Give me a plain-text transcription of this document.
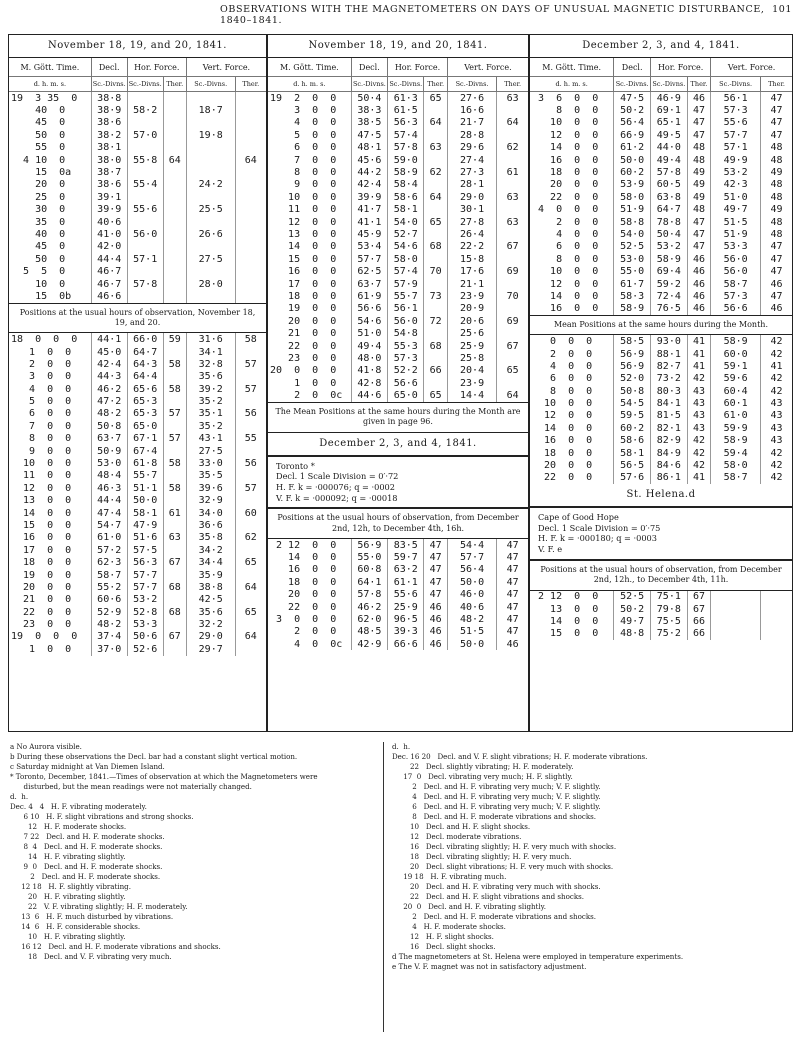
OBSERVATIONS WITH THE MAGNETOMETERS ON DAYS OF UNUSUAL MAGNETIC DISTURBANCE, 1840–1841.
101
November 18, 19, and 20, 1841.
M. Gött. Time.	Decl.	Hor. Force.		Vert. Force.	
d. h. m. s.	Sc.-Divns.	Sc.-Divns.	Ther.	Sc.-Divns.	Ther.
19  3 35  0	38·8				
40  0	38·9	58·2		18·7	
45  0	38·6				
50  0	38·2	57·0		19·8	
55  0	38·1				
4 10  0	38·0	55·8	64		64
15  0a	38·7				
20  0	38·6	55·4		24·2	
25  0	39·1				
30  0	39·9	55·6		25·5	
35  0	40·6				
40  0	41·0	56·0		26·6	
45  0	42·0				
50  0	44·4	57·1		27·5	
5  5  0	46·7				
10  0	46·7	57·8		28·0	
15  0b	46·6				
Positions at the usual hours of observation, November 18, 19, and 20.
18  0  0  0	44·1	66·0	59	31·6	58
1  0  0	45·0	64·7		34·1	
2  0  0	42·4	64·3	58	32·8	57
3  0  0	44·3	64·4		35·6	
4  0  0	46·2	65·6	58	39·2	57
5  0  0	47·2	65·3		35·2	
6  0  0	48·2	65·3	57	35·1	56
7  0  0	50·8	65·0		35·2	
8  0  0	63·7	67·1	57	43·1	55
9  0  0	50·9	67·4		27·5	
10  0  0	53·0	61·8	58	33·0	56
11  0  0	48·4	55·7		35·5	
12  0  0	46·3	51·1	58	39·6	57
13  0  0	44·4	50·0		32·9	
14  0  0	47·4	58·1	61	34·0	60
15  0  0	54·7	47·9		36·6	
16  0  0	61·0	51·6	63	35·8	62
17  0  0	57·2	57·5		34·2	
18  0  0	62·3	56·3	67	34·4	65
19  0  0	58·7	57·7		35·9	
20  0  0	55·2	57·7	68	38·8	64
21  0  0	60·6	53·2		42·5	
22  0  0	52·9	52·8	68	35·6	65
23  0  0	48·2	53·3		32·2	
19  0  0  0	37·4	50·6	67	29·0	64
1  0  0	37·0	52·6		29·7	
November 18, 19, and 20, 1841.
M. Gött. Time.	Decl.	Hor. Force.		Vert. Force.	
d. h. m. s.	Sc.-Divns.	Sc.-Divns.	Ther.	Sc.-Divns.	Ther.
19  2  0  0	50·4	61·3	65	27·6	63
3  0  0	38·3	61·5		16·6	
4  0  0	38·5	56·3	64	21·7	64
5  0  0	47·5	57·4		28·8	
6  0  0	48·1	57·8	63	29·6	62
7  0  0	45·6	59·0		27·4	
8  0  0	44·2	58·9	62	27·3	61
9  0  0	42·4	58·4		28·1	
10  0  0	39·9	58·6	64	29·0	63
11  0  0	41·7	58·1		30·1	
12  0  0	41·1	54·0	65	27·8	63
13  0  0	45·9	52·7		26·4	
14  0  0	53·4	54·6	68	22·2	67
15  0  0	57·7	58·0		15·8	
16  0  0	62·5	57·4	70	17·6	69
17  0  0	63·7	57·9		21·1	
18  0  0	61·9	55·7	73	23·9	70
19  0  0	56·6	56·1		20·9	
20  0  0	54·6	56·0	72	20·6	69
21  0  0	51·0	54·8		25·6	
22  0  0	49·4	55·3	68	25·9	67
23  0  0	48·0	57·3		25·8	
20  0  0  0	41·8	52·2	66	20·4	65
1  0  0	42·8	56·6		23·9	
2  0  0c	44·6	65·0	65	14·4	64
The Mean Positions at the same hours during the Month are given in page 96.
December 2, 3, and 4, 1841.
Toronto *
Decl. 1 Scale Division = 0′·72
H. F. k = ·000076; q = ·0002
V. F. k = ·000092; q = ·00018
Positions at the usual hours of observation, from December 2nd, 12h, to December 4th, 16h.
2 12  0  0	56·9	83·5	47	54·4	47
14  0  0	55·0	59·7	47	57·7	47
16  0  0	60·8	63·2	47	56·4	47
18  0  0	64·1	61·1	47	50·0	47
20  0  0	57·8	55·6	47	46·0	47
22  0  0	46·2	25·9	46	40·6	47
3  0  0  0	62·0	96·5	46	48·2	47
2  0  0	48·5	39·3	46	51·5	47
4  0  0c	42·9	66·6	46	50·0	46
December 2, 3, and 4, 1841.
M. Gött. Time.	Decl.	Hor. Force.		Vert. Force.	
d. h. m. s.	Sc.-Divns.	Sc.-Divns.	Ther.	Sc.-Divns.	Ther.
3  6  0  0	47·5	46·9	46	56·1	47
8  0  0	50·2	69·1	47	57·3	47
10  0  0	56·4	65·1	47	55·6	47
12  0  0	66·9	49·5	47	57·7	47
14  0  0	61·2	44·0	48	57·1	48
16  0  0	50·0	49·4	48	49·9	48
18  0  0	60·2	57·8	49	53·2	49
20  0  0	53·9	60·5	49	42·3	48
22  0  0	58·0	63·8	49	51·0	48
4  0  0  0	51·9	64·7	48	49·7	49
2  0  0	58·8	78·8	47	51·5	48
4  0  0	54·0	50·4	47	51·9	48
6  0  0	52·5	53·2	47	53·3	47
8  0  0	53·0	58·9	46	56·0	47
10  0  0	55·0	69·4	46	56·0	47
12  0  0	61·7	59·2	46	58·7	46
14  0  0	58·3	72·4	46	57·3	47
16  0  0	58·9	76·5	46	56·6	46
Mean Positions at the same hours during the Month.
0  0  0	58·5	93·0	41	58·9	42
2  0  0	56·9	88·1	41	60·0	42
4  0  0	56·9	82·7	41	59·1	41
6  0  0	52·0	73·2	42	59·6	42
8  0  0	50·8	80·3	43	60·4	42
10  0  0	54·5	84·1	43	60·1	43
12  0  0	59·5	81·5	43	61·0	43
14  0  0	60·2	82·1	43	59·9	43
16  0  0	58·6	82·9	42	58·9	43
18  0  0	58·1	84·9	42	59·4	42
20  0  0	56·5	84·6	42	58·0	42
22  0  0	57·6	86·1	41	58·7	42
St. Helena.d
Cape of Good Hope
Decl. 1 Scale Division = 0′·75
H. F. k = ·000180; q = ·0003
V. F. e
Positions at the usual hours of observation, from December 2nd, 12h., to December 4th, 11h.
2 12  0  0	52·5	75·1	67		
13  0  0	50·2	79·8	67		
14  0  0	49·7	75·5	66		
15  0  0	48·8	75·2	66		
a No Aurora visible.
b During these observations the Decl. bar had a constant slight vertical motion.
c Saturday midnight at Van Diemen Island.
* Toronto, December, 1841.—Times of observation at which the Magnetometers were
disturbed, but the mean readings were not materially changed.
d.  h.
Dec. 4   4   H. F. vibrating moderately.
6 10   H. F. slight vibrations and strong shocks.
12   H. F. moderate shocks.
7 22   Decl. and H. F. moderate shocks.
8  4   Decl. and H. F. moderate shocks.
14   H. F. vibrating slightly.
9  0   Decl. and H. F. moderate shocks.
2   Decl. and H. F. moderate shocks.
12 18   H. F. slightly vibrating.
20   H. F. vibrating slightly.
22   V. F. vibrating slightly; H. F. moderately.
13  6   H. F. much disturbed by vibrations.
14  6   H. F. considerable shocks.
10   H. F. vibrating slightly.
16 12   Decl. and H. F. moderate vibrations and shocks.
18   Decl. and V. F. vibrating very much.
d.  h.
Dec. 16 20   Decl. and V. F. slight vibrations; H. F. moderate vibrations.
22   Decl. slightly vibrating; H. F. moderately.
17  0   Decl. vibrating very much; H. F. slightly.
2   Decl. and H. F. vibrating very much; V. F. slightly.
4   Decl. and H. F. vibrating very much; V. F. slightly.
6   Decl. and H. F. vibrating very much; V. F. slightly.
8   Decl. and H. F. moderate vibrations and shocks.
10   Decl. and H. F. slight shocks.
12   Decl. moderate vibrations.
16   Decl. vibrating slightly; H. F. very much with shocks.
18   Decl. vibrating slightly; H. F. very much.
20   Decl. slight vibrations; H. F. very much with shocks.
19 18   H. F. vibrating much.
20   Decl. and H. F. vibrating very much with shocks.
22   Decl. and H. F. slight vibrations and shocks.
20  0   Decl. and H. F. vibrating slightly.
2   Decl. and H. F. moderate vibrations and shocks.
4   H. F. moderate shocks.
12   H. F. slight shocks.
16   Decl. slight shocks.
d The magnetometers at St. Helena were employed in temperature experiments.
e The V. F. magnet was not in satisfactory adjustment.
